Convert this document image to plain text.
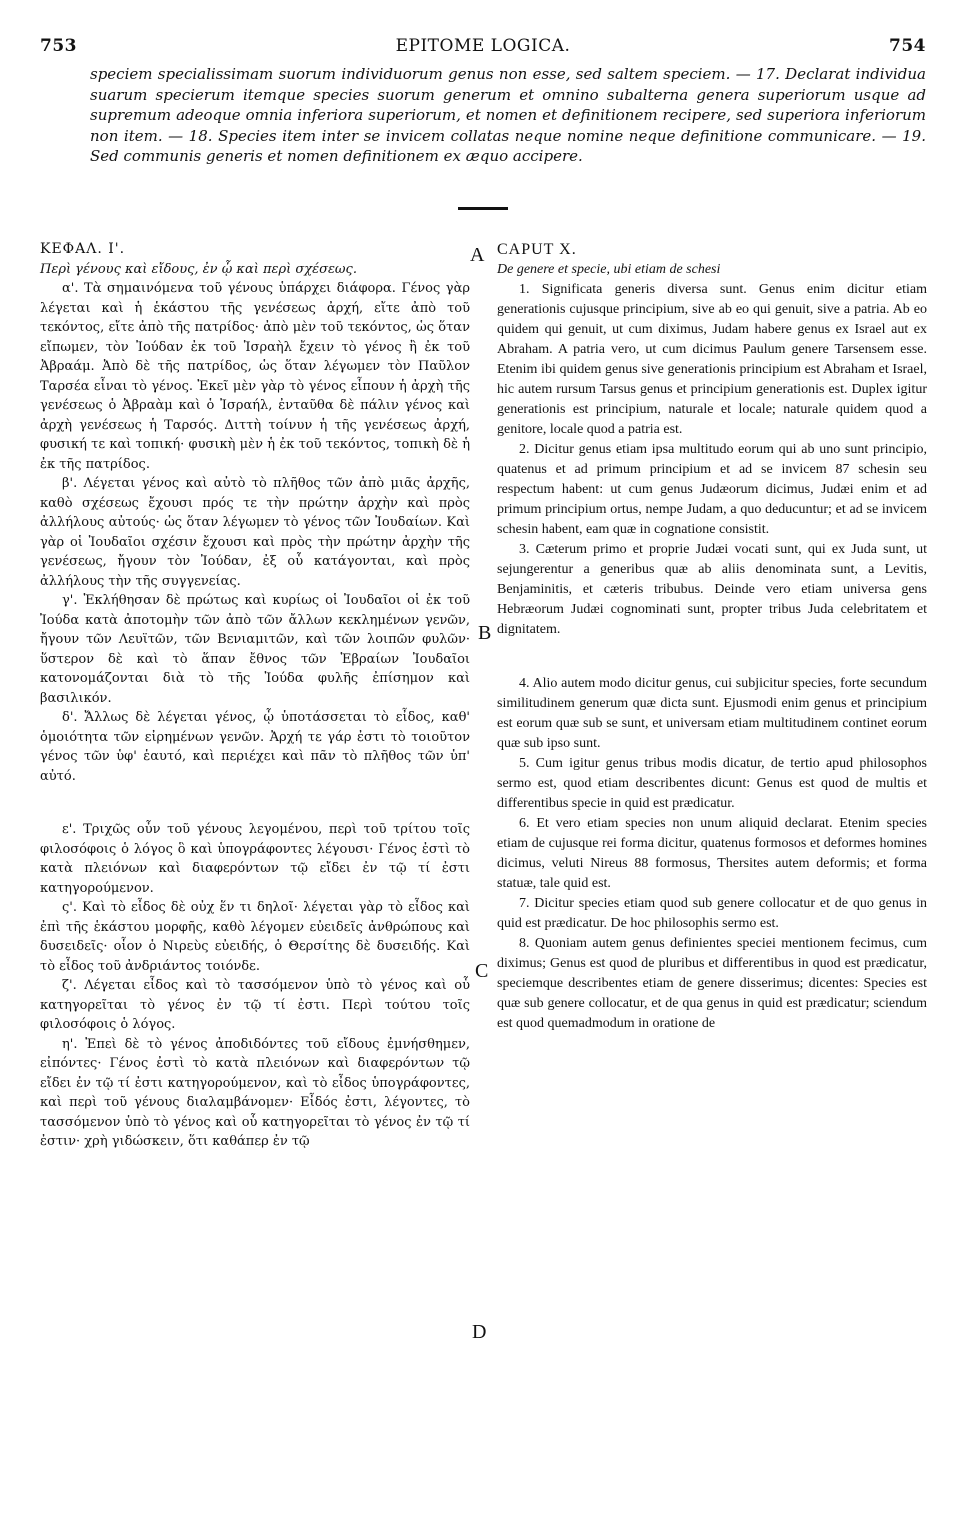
753	EPITOME LOGICA.	754

speciem specialissimam suorum individuorum genus non esse, sed saltem speciem. — 17. Declarat individua suarum specierum itemque species suorum generum et omnino subalterna genera superiorum usque ad supremum adeoque omnia inferiora superiorum, et nomen et definitionem recipere, sed superiora inferiorum non item. — 18. Species item inter se invicem collatas neque nomine neque definitione communicare. — 19. Sed communis generis et nomen definitionem ex æquo accipere.

A
B
C
D

ΚΕΦΑΛ. Ι'.

Περὶ γένους καὶ εἴδους, ἐν ᾧ καὶ περὶ σχέσεως.

α'. Τὰ σημαινόμενα τοῦ γένους ὑπάρχει διάφορα. Γένος γὰρ λέγεται καὶ ἡ ἑκάστου τῆς γενέσεως ἀρχή, εἴτε ἀπὸ τοῦ τεκόντος, εἴτε ἀπὸ τῆς πατρίδος· ἀπὸ μὲν τοῦ τεκόντος, ὡς ὅταν εἴπωμεν, τὸν Ἰούδαν ἐκ τοῦ Ἰσραὴλ ἔχειν τὸ γένος ἢ ἐκ τοῦ Ἀβραάμ. Ἀπὸ δὲ τῆς πατρίδος, ὡς ὅταν λέγωμεν τὸν Παῦλον Ταρσέα εἶναι τὸ γένος. Ἐκεῖ μὲν γὰρ τὸ γένος εἶπουν ἡ ἀρχὴ τῆς γενέσεως ὁ Ἀβραὰμ καὶ ὁ Ἰσραήλ, ἐνταῦθα δὲ πάλιν γένος καὶ ἀρχὴ γενέσεως ἡ Ταρσός. Διττὴ τοίνυν ἡ τῆς γενέσεως ἀρχή, φυσική τε καὶ τοπική· φυσικὴ μὲν ἡ ἐκ τοῦ τεκόντος, τοπικὴ δὲ ἡ ἐκ τῆς πατρίδος.

β'. Λέγεται γένος καὶ αὐτὸ τὸ πλῆθος τῶν ἀπὸ μιᾶς ἀρχῆς, καθὸ σχέσεως ἔχουσι πρός τε τὴν πρώτην ἀρχὴν καὶ πρὸς ἀλλήλους αὐτούς· ὡς ὅταν λέγωμεν τὸ γένος τῶν Ἰουδαίων. Καὶ γὰρ οἱ Ἰουδαῖοι σχέσιν ἔχουσι καὶ πρὸς τὴν πρώτην ἀρχὴν τῆς γενέσεως, ἤγουν τὸν Ἰούδαν, ἐξ οὗ κατάγονται, καὶ πρὸς ἀλλήλους τὴν τῆς συγγενείας.

γ'. Ἐκλήθησαν δὲ πρώτως καὶ κυρίως οἱ Ἰουδαῖοι οἱ ἐκ τοῦ Ἰούδα κατὰ ἀποτομὴν τῶν ἀπὸ τῶν ἄλλων κεκλημένων γενῶν, ἤγουν τῶν Λευϊτῶν, τῶν Βενιαμιτῶν, καὶ τῶν λοιπῶν φυλῶν· ὕστερον δὲ καὶ τὸ ἅπαν ἔθνος τῶν Ἑβραίων Ἰουδαῖοι κατονομάζονται διὰ τὸ τῆς Ἰούδα φυλῆς ἐπίσημον καὶ βασιλικόν.

δ'. Ἄλλως δὲ λέγεται γένος, ᾧ ὑποτάσσεται τὸ εἶδος, καθ' ὁμοιότητα τῶν εἰρημένων γενῶν. Ἀρχή τε γάρ ἐστι τὸ τοιοῦτον γένος τῶν ὑφ' ἑαυτό, καὶ περιέχει καὶ πᾶν τὸ πλῆθος τῶν ὑπ' αὐτό.

ε'. Τριχῶς οὖν τοῦ γένους λεγομένου, περὶ τοῦ τρίτου τοῖς φιλοσόφοις ὁ λόγος ὃ καὶ ὑπογράφοντες λέγουσι· Γένος ἐστὶ τὸ κατὰ πλειόνων καὶ διαφερόντων τῷ εἴδει ἐν τῷ τί ἐστι κατηγορούμενον.

ς'. Καὶ τὸ εἶδος δὲ οὐχ ἕν τι δηλοῖ· λέγεται γὰρ τὸ εἶδος καὶ ἐπὶ τῆς ἑκάστου μορφῆς, καθὸ λέγομεν εὐειδεῖς ἀνθρώπους καὶ δυσειδεῖς· οἷον ὁ Νιρεὺς εὐειδής, ὁ Θερσίτης δὲ δυσειδής. Καὶ τὸ εἶδος τοῦ ἀνδριάντος τοιόνδε.

ζ'. Λέγεται εἶδος καὶ τὸ τασσόμενον ὑπὸ τὸ γένος καὶ οὗ κατηγορεῖται τὸ γένος ἐν τῷ τί ἐστι. Περὶ τούτου τοῖς φιλοσόφοις ὁ λόγος.

η'. Ἐπεὶ δὲ τὸ γένος ἀποδιδόντες τοῦ εἴδους ἐμνήσθημεν, εἰπόντες· Γένος ἐστὶ τὸ κατὰ πλειόνων καὶ διαφερόντων τῷ εἴδει ἐν τῷ τί ἐστι κατηγορούμενον, καὶ τὸ εἶδος ὑπογράφοντες, καὶ περὶ τοῦ γένους διαλαμβάνομεν· Εἶδός ἐστι, λέγοντες, τὸ τασσόμενον ὑπὸ τὸ γένος καὶ οὗ κατηγορεῖται τὸ γένος ἐν τῷ τί ἐστιν· χρὴ γιδώσκειν, ὅτι καθάπερ ἐν τῷ

CAPUT X.

De genere et specie, ubi etiam de schesi

1. Significata generis diversa sunt. Genus enim dicitur etiam generationis cujusque principium, sive ab eo qui genuit, sive a patria. Ab eo quidem qui genuit, ut cum diximus, Judam habere genus ex Israel aut ex Abraham. A patria vero, ut cum dicimus Paulum genere Tarsensem esse. Etenim ibi quidem genus sive generationis principium est Abraham et Israel, hic autem rursum Tarsus genus et principium generationis est. Duplex igitur generationis est principium, naturale et locale; naturale quidem quod a genitore, locale quod a patria est.

2. Dicitur genus etiam ipsa multitudo eorum qui ab uno sunt principio, quatenus et ad primum principium et ad se invicem 87 schesin seu respectum habent: ut cum genus Judæorum dicimus, Judæi enim et ad primum principium ortus, nempe Judam, a quo deducuntur; et ad se invicem schesin habent, eam quæ in cognatione consistit.

3. Cæterum primo et proprie Judæi vocati sunt, qui ex Juda sunt, ut sejungerentur a generibus quæ ab aliis denominata sunt, a Levitis, Benjaminitis, et cæteris tribubus. Deinde vero etiam universa gens Hebræorum Judæi cognominati sunt, propter tribus Juda celebritatem et dignitatem.

4. Alio autem modo dicitur genus, cui subjicitur species, forte secundum similitudinem generum quæ dicta sunt. Ejusmodi enim genus et principium est eorum quæ sub se sunt, et universam etiam multitudinem continet eorum quæ sub ipso sunt.

5. Cum igitur genus tribus modis dicatur, de tertio apud philosophos sermo est, quod etiam describentes dicunt: Genus est quod de multis et differentibus specie in quid est prædicatur.

6. Et vero etiam species non unum aliquid declarat. Etenim species etiam de cujusque rei forma dicitur, quatenus formosos et deformes homines dicimus, veluti Nireus 88 formosus, Thersites autem deformis; et forma statuæ, tale quid est.

7. Dicitur species etiam quod sub genere collocatur et de quo genus in quid est prædicatur. De hoc philosophis sermo est.

8. Quoniam autem genus definientes speciei mentionem fecimus, cum diximus; Genus est quod de pluribus et differentibus in quod est prædicatur, speciemque describentes etiam de genere disserimus; dicentes: Species est quæ sub genere collocatur, et de qua genus in quid est prædicatur; sciendum est quod quemadmodum in oratione de
